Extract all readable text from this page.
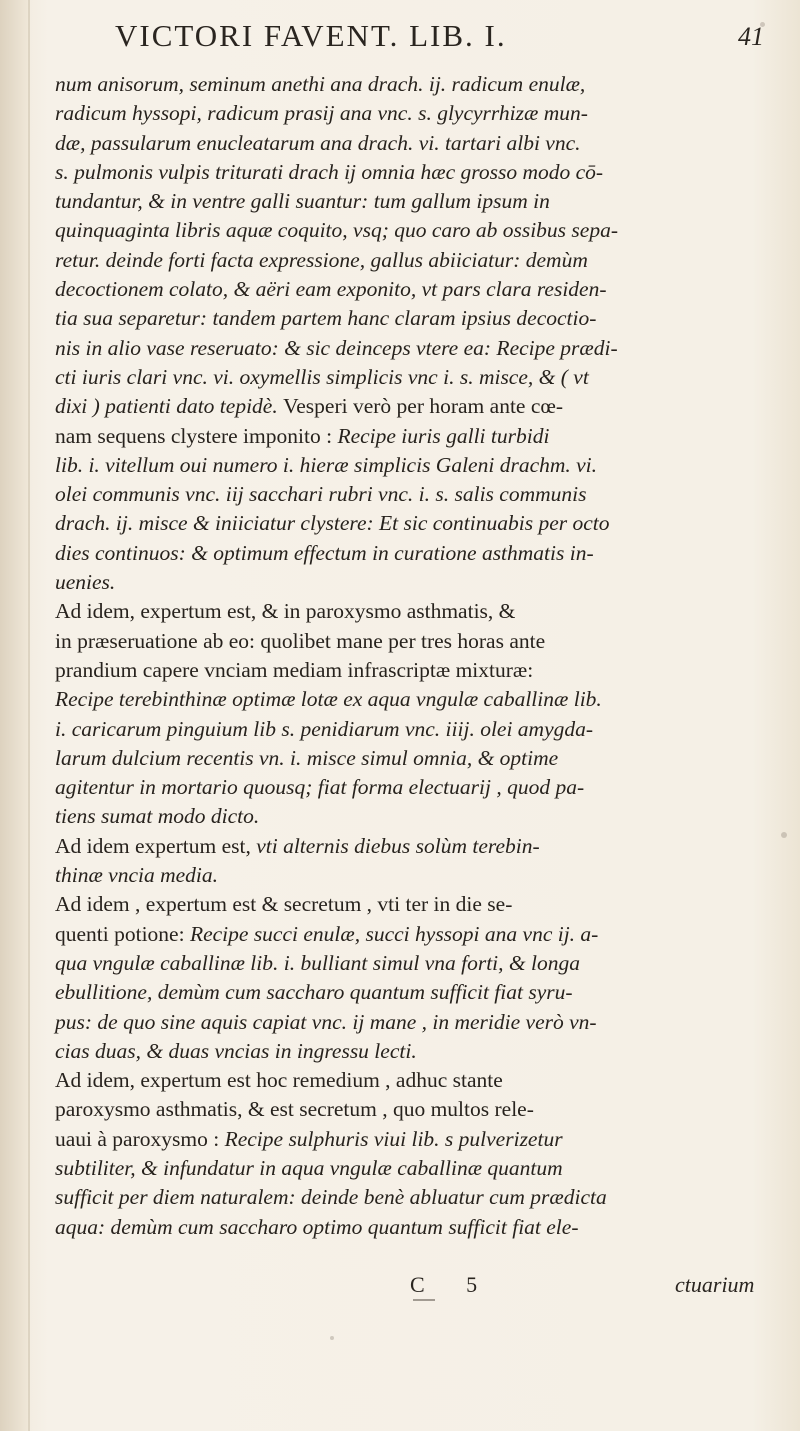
VICTORI FAVENT. LIB. I.	41
num anisorum, seminum anethi ana drach. ij. radicum enulæ,
radicum hyssopi, radicum prasij ana vnc. s. glycyrrhizæ mun-
dæ, passularum enucleatarum ana drach. vi. tartari albi vnc.
s. pulmonis vulpis triturati drach ij omnia hæc grosso modo cō-
tundantur, & in ventre galli suantur: tum gallum ipsum in
quinquaginta libris aquæ coquito, vsq; quo caro ab ossibus sepa-
retur. deinde forti facta expressione, gallus abiiciatur: demùm
decoctionem colato, & aëri eam exponito, vt pars clara residen-
tia sua separetur: tandem partem hanc claram ipsius decoctio-
nis in alio vase reseruato: & sic deinceps vtere ea: Recipe prædi-
cti iuris clari vnc. vi. oxymellis simplicis vnc i. s. misce, & ( vt
dixi ) patienti dato tepidè. Vesperi verò per horam ante cœ-
nam sequens clystere imponito : Recipe iuris galli turbidi
lib. i. vitellum oui numero i. hieræ simplicis Galeni drachm. vi.
olei communis vnc. iij sacchari rubri vnc. i. s. salis communis
drach. ij. misce & iniiciatur clystere: Et sic continuabis per octo
dies continuos: & optimum effectum in curatione asthmatis in-
uenies.
Ad idem, expertum est, & in paroxysmo asthmatis, &
in præseruatione ab eo: quolibet mane per tres horas ante
prandium capere vnciam mediam infrascriptæ mixturæ:
Recipe terebinthinæ optimæ lotæ ex aqua vngulæ caballinæ lib.
i. caricarum pinguium lib s. penidiarum vnc. iiij. olei amygda-
larum dulcium recentis vn. i. misce simul omnia, & optime
agitentur in mortario quousq; fiat forma electuarij , quod pa-
tiens sumat modo dicto.
Ad idem expertum est, vti alternis diebus solùm terebin-
thinæ vncia media.
Ad idem , expertum est & secretum , vti ter in die se-
quenti potione: Recipe succi enulæ, succi hyssopi ana vnc ij. a-
qua vngulæ caballinæ lib. i. bulliant simul vna forti, & longa
ebullitione, demùm cum saccharo quantum sufficit fiat syru-
pus: de quo sine aquis capiat vnc. ij mane , in meridie verò vn-
cias duas, & duas vncias in ingressu lecti.
Ad idem, expertum est hoc remedium , adhuc stante
paroxysmo asthmatis, & est secretum , quo multos rele-
uaui à paroxysmo : Recipe sulphuris viui lib. s pulverizetur
subtiliter, & infundatur in aqua vngulæ caballinæ quantum
sufficit per diem naturalem: deinde benè abluatur cum prædicta
aqua: demùm cum saccharo optimo quantum sufficit fiat ele-
C 5	ctuarium
